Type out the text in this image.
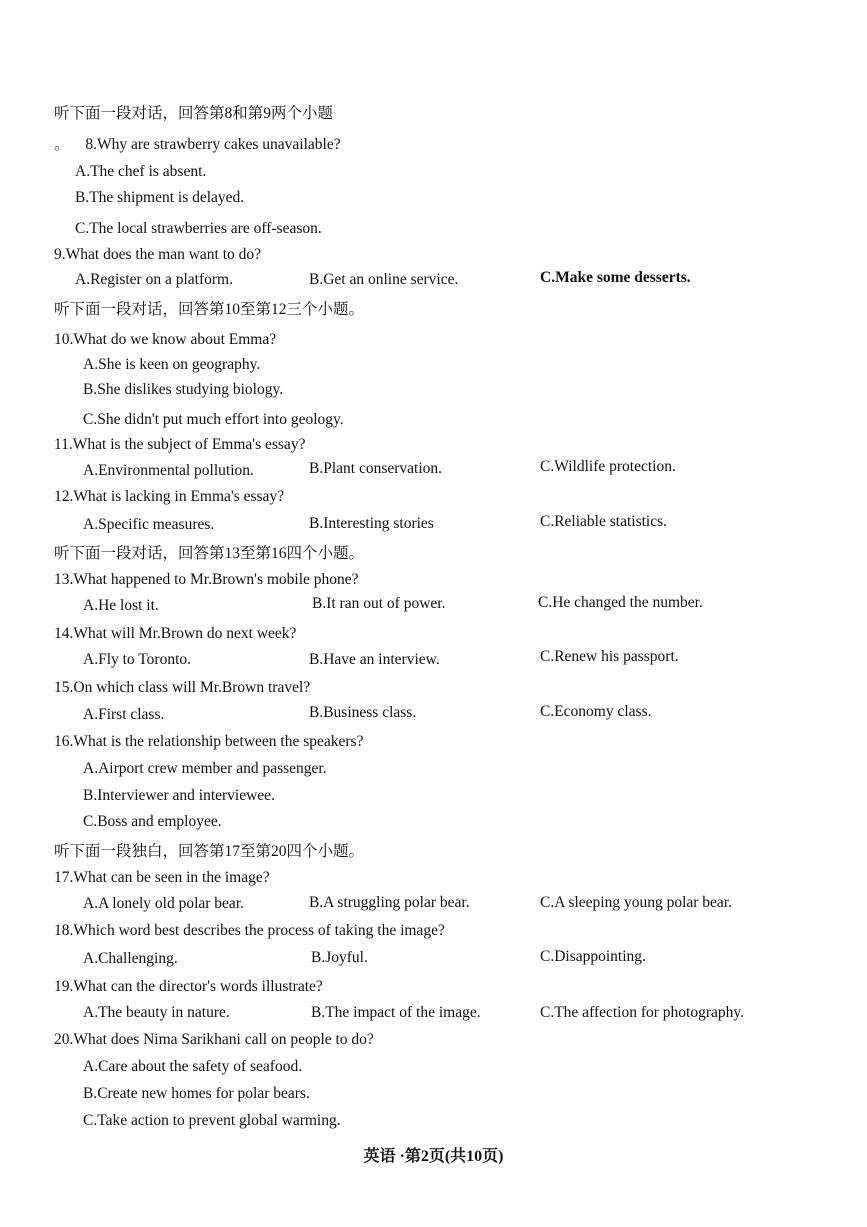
听下面一段对话，回答第8和第9两个小题
。 8.Why are strawberry cakes unavailable?
A.The chef is absent.
B.The shipment is delayed.
C.The local strawberries are off-season.
9.What does the man want to do?
A.Register on a platform.	B.Get an online service.	C.Make some desserts.
听下面一段对话，回答第10至第12三个小题。
10.What do we know about Emma?
A.She is keen on geography.
B.She dislikes studying biology.
C.She didn't put much effort into geology.
11.What is the subject of Emma's essay?
A.Environmental pollution.	B.Plant conservation.	C.Wildlife protection.
12.What is lacking in Emma's essay?
A.Specific measures.	B.Interesting stories	C.Reliable statistics.
听下面一段对话，回答第13至第16四个小题。
13.What happened to Mr.Brown's mobile phone?
A.He lost it.	B.It ran out of power.	C.He changed the number.
14.What will Mr.Brown do next week?
A.Fly to Toronto.	B.Have an interview.	C.Renew his passport.
15.On which class will Mr.Brown travel?
A.First class.	B.Business class.	C.Economy class.
16.What is the relationship between the speakers?
A.Airport crew member and passenger.
B.Interviewer and interviewee.
C.Boss and employee.
听下面一段独白，回答第17至第20四个小题。
17.What can be seen in the image?
A.A lonely old polar bear.	B.A struggling polar bear.	C.A sleeping young polar bear.
18.Which word best describes the process of taking the image?
A.Challenging.	B.Joyful.	C.Disappointing.
19.What can the director's words illustrate?
A.The beauty in nature.	B.The impact of the image.	C.The affection for photography.
20.What does Nima Sarikhani call on people to do?
A.Care about the safety of seafood.
B.Create new homes for polar bears.
C.Take action to prevent global warming.
英语 ·第2页(共10页)
